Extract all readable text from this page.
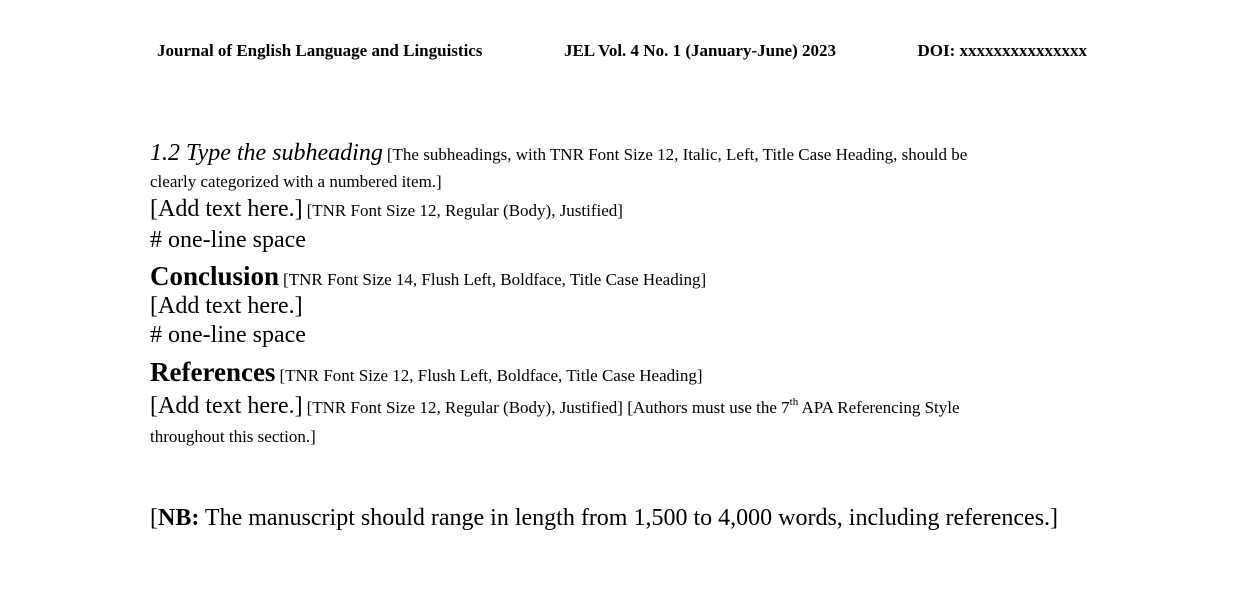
Journal of English Language and Linguistics	JEL Vol. 4 No. 1 (January-June) 2023	DOI: xxxxxxxxxxxxxxx
1.2 Type the subheading [The subheadings, with TNR Font Size 12, Italic, Left, Title Case Heading, should be
clearly categorized with a numbered item.]
[Add text here.] [TNR Font Size 12, Regular (Body), Justified]
# one-line space
Conclusion [TNR Font Size 14, Flush Left, Boldface, Title Case Heading]
[Add text here.]
# one-line space
References [TNR Font Size 12, Flush Left, Boldface, Title Case Heading]
[Add text here.] [TNR Font Size 12, Regular (Body), Justified] [Authors must use the 7th APA Referencing Style
throughout this section.]
[NB: The manuscript should range in length from 1,500 to 4,000 words, including references.]
